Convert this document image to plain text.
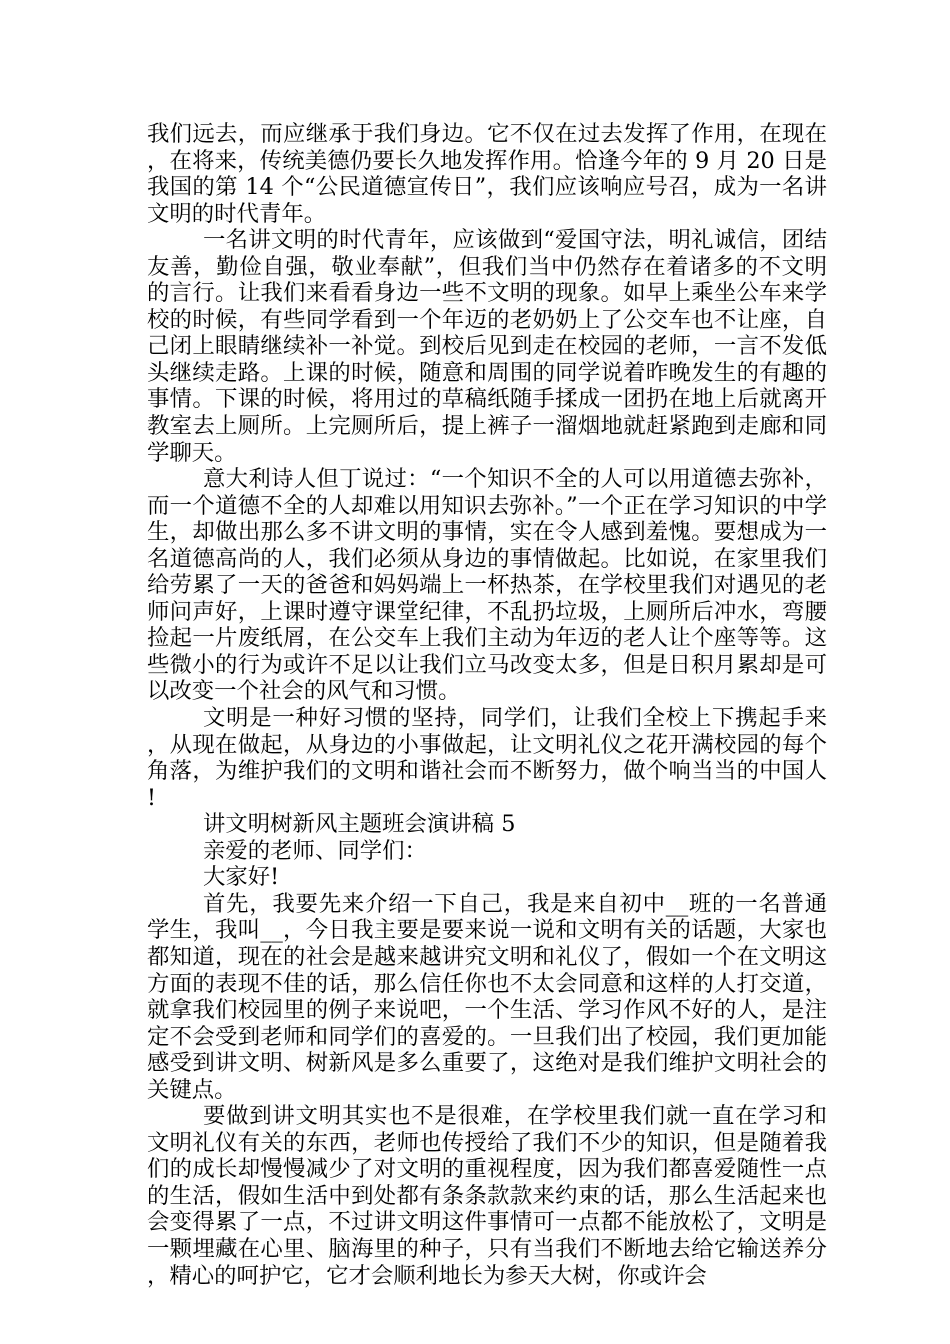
我们远去，而应继承于我们身边。它不仅在过去发挥了作用，在现在，在将来，传统美德仍要长久地发挥作用。恰逢今年的 9 月 20 日是我国的第 14 个“公民道德宣传日”，我们应该响应号召，成为一名讲文明的时代青年。

一名讲文明的时代青年，应该做到“爱国守法，明礼诚信，团结友善，勤俭自强，敬业奉献”，但我们当中仍然存在着诸多的不文明的言行。让我们来看看身边一些不文明的现象。如早上乘坐公车来学校的时候，有些同学看到一个年迈的老奶奶上了公交车也不让座，自己闭上眼睛继续补一补觉。到校后见到走在校园的老师，一言不发低头继续走路。上课的时候，随意和周围的同学说着昨晚发生的有趣的事情。下课的时候，将用过的草稿纸随手揉成一团扔在地上后就离开教室去上厕所。上完厕所后，提上裤子一溜烟地就赶紧跑到走廊和同学聊天。

意大利诗人但丁说过：“一个知识不全的人可以用道德去弥补，而一个道德不全的人却难以用知识去弥补。”一个正在学习知识的中学生，却做出那么多不讲文明的事情，实在令人感到羞愧。要想成为一名道德高尚的人，我们必须从身边的事情做起。比如说，在家里我们给劳累了一天的爸爸和妈妈端上一杯热茶，在学校里我们对遇见的老师问声好，上课时遵守课堂纪律，不乱扔垃圾，上厕所后冲水，弯腰捡起一片废纸屑，在公交车上我们主动为年迈的老人让个座等等。这些微小的行为或许不足以让我们立马改变太多，但是日积月累却是可以改变一个社会的风气和习惯。

文明是一种好习惯的坚持，同学们，让我们全校上下携起手来，从现在做起，从身边的小事做起，让文明礼仪之花开满校园的每个角落，为维护我们的文明和谐社会而不断努力，做个响当当的中国人!

讲文明树新风主题班会演讲稿 5

亲爱的老师、同学们：

大家好!

首先，我要先来介绍一下自己，我是来自初中__班的一名普通学生，我叫__，今日我主要是要来说一说和文明有关的话题，大家也都知道，现在的社会是越来越讲究文明和礼仪了，假如一个在文明这方面的表现不佳的话，那么信任你也不太会同意和这样的人打交道，就拿我们校园里的例子来说吧，一个生活、学习作风不好的人，是注定不会受到老师和同学们的喜爱的。一旦我们出了校园，我们更加能感受到讲文明、树新风是多么重要了，这绝对是我们维护文明社会的关键点。

要做到讲文明其实也不是很难，在学校里我们就一直在学习和文明礼仪有关的东西，老师也传授给了我们不少的知识，但是随着我们的成长却慢慢减少了对文明的重视程度，因为我们都喜爱随性一点的生活，假如生活中到处都有条条款款来约束的话，那么生活起来也会变得累了一点，不过讲文明这件事情可一点都不能放松了，文明是一颗埋藏在心里、脑海里的种子，只有当我们不断地去给它输送养分，精心的呵护它，它才会顺利地长为参天大树，你或许会
